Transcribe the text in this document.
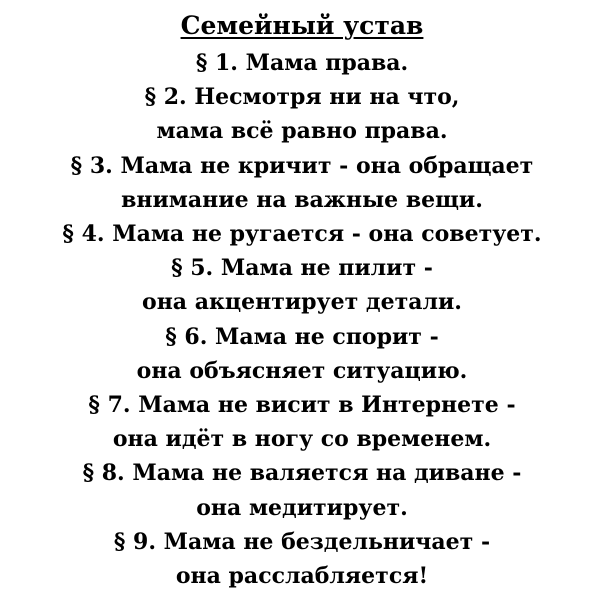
Семейный устав
§ 1. Мама права.
§ 2. Несмотря ни на что,
мама всё равно права.
§ 3. Мама не кричит - она обращает
внимание на важные вещи.
§ 4. Мама не ругается - она советует.
§ 5. Мама не пилит -
она акцентирует детали.
§ 6. Мама не спорит -
она объясняет ситуацию.
§ 7. Мама не висит в Интернете -
она идёт в ногу со временем.
§ 8. Мама не валяется на диване -
она медитирует.
§ 9. Мама не бездельничает -
она расслабляется!
